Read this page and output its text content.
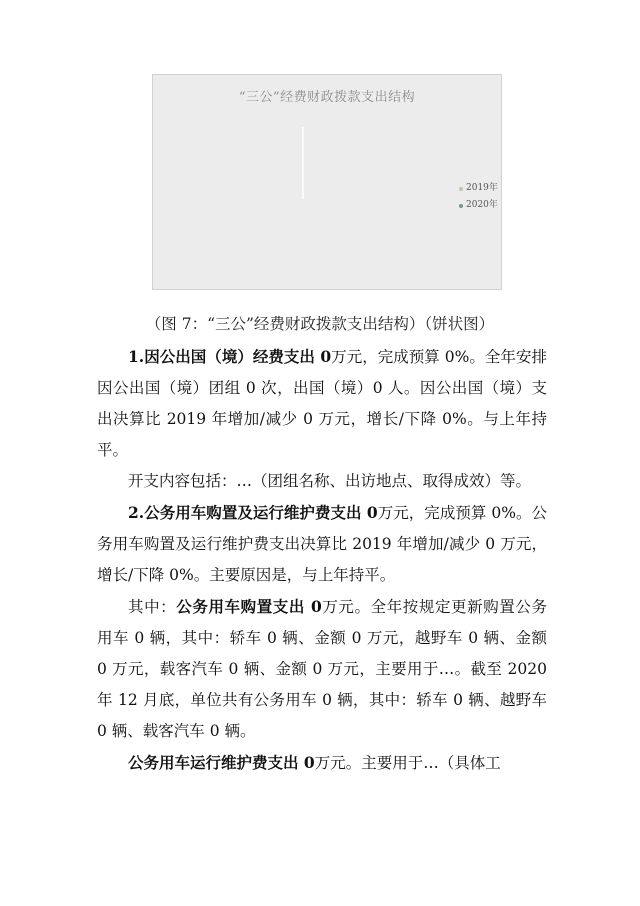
“三公”经费财政拨款支出结构
2019年
2020年
（图 7：“三公”经费财政拨款支出结构）（饼状图）

1.因公出国（境）经费支出 0万元，完成预算 0%。全年安排因公出国（境）团组 0 次，出国（境）0 人。因公出国（境）支出决算比 2019 年增加/减少 0 万元，增长/下降 0%。与上年持平。

开支内容包括：…（团组名称、出访地点、取得成效）等。

2.公务用车购置及运行维护费支出 0万元，完成预算 0%。公务用车购置及运行维护费支出决算比 2019 年增加/减少 0 万元，增长/下降 0%。主要原因是，与上年持平。

其中：公务用车购置支出 0万元。全年按规定更新购置公务用车 0 辆，其中：轿车 0 辆、金额 0 万元，越野车 0 辆、金额 0 万元，载客汽车 0 辆、金额 0 万元，主要用于…。截至 2020 年 12 月底，单位共有公务用车 0 辆，其中：轿车 0 辆、越野车 0 辆、载客汽车 0 辆。

公务用车运行维护费支出 0万元。主要用于…（具体工
